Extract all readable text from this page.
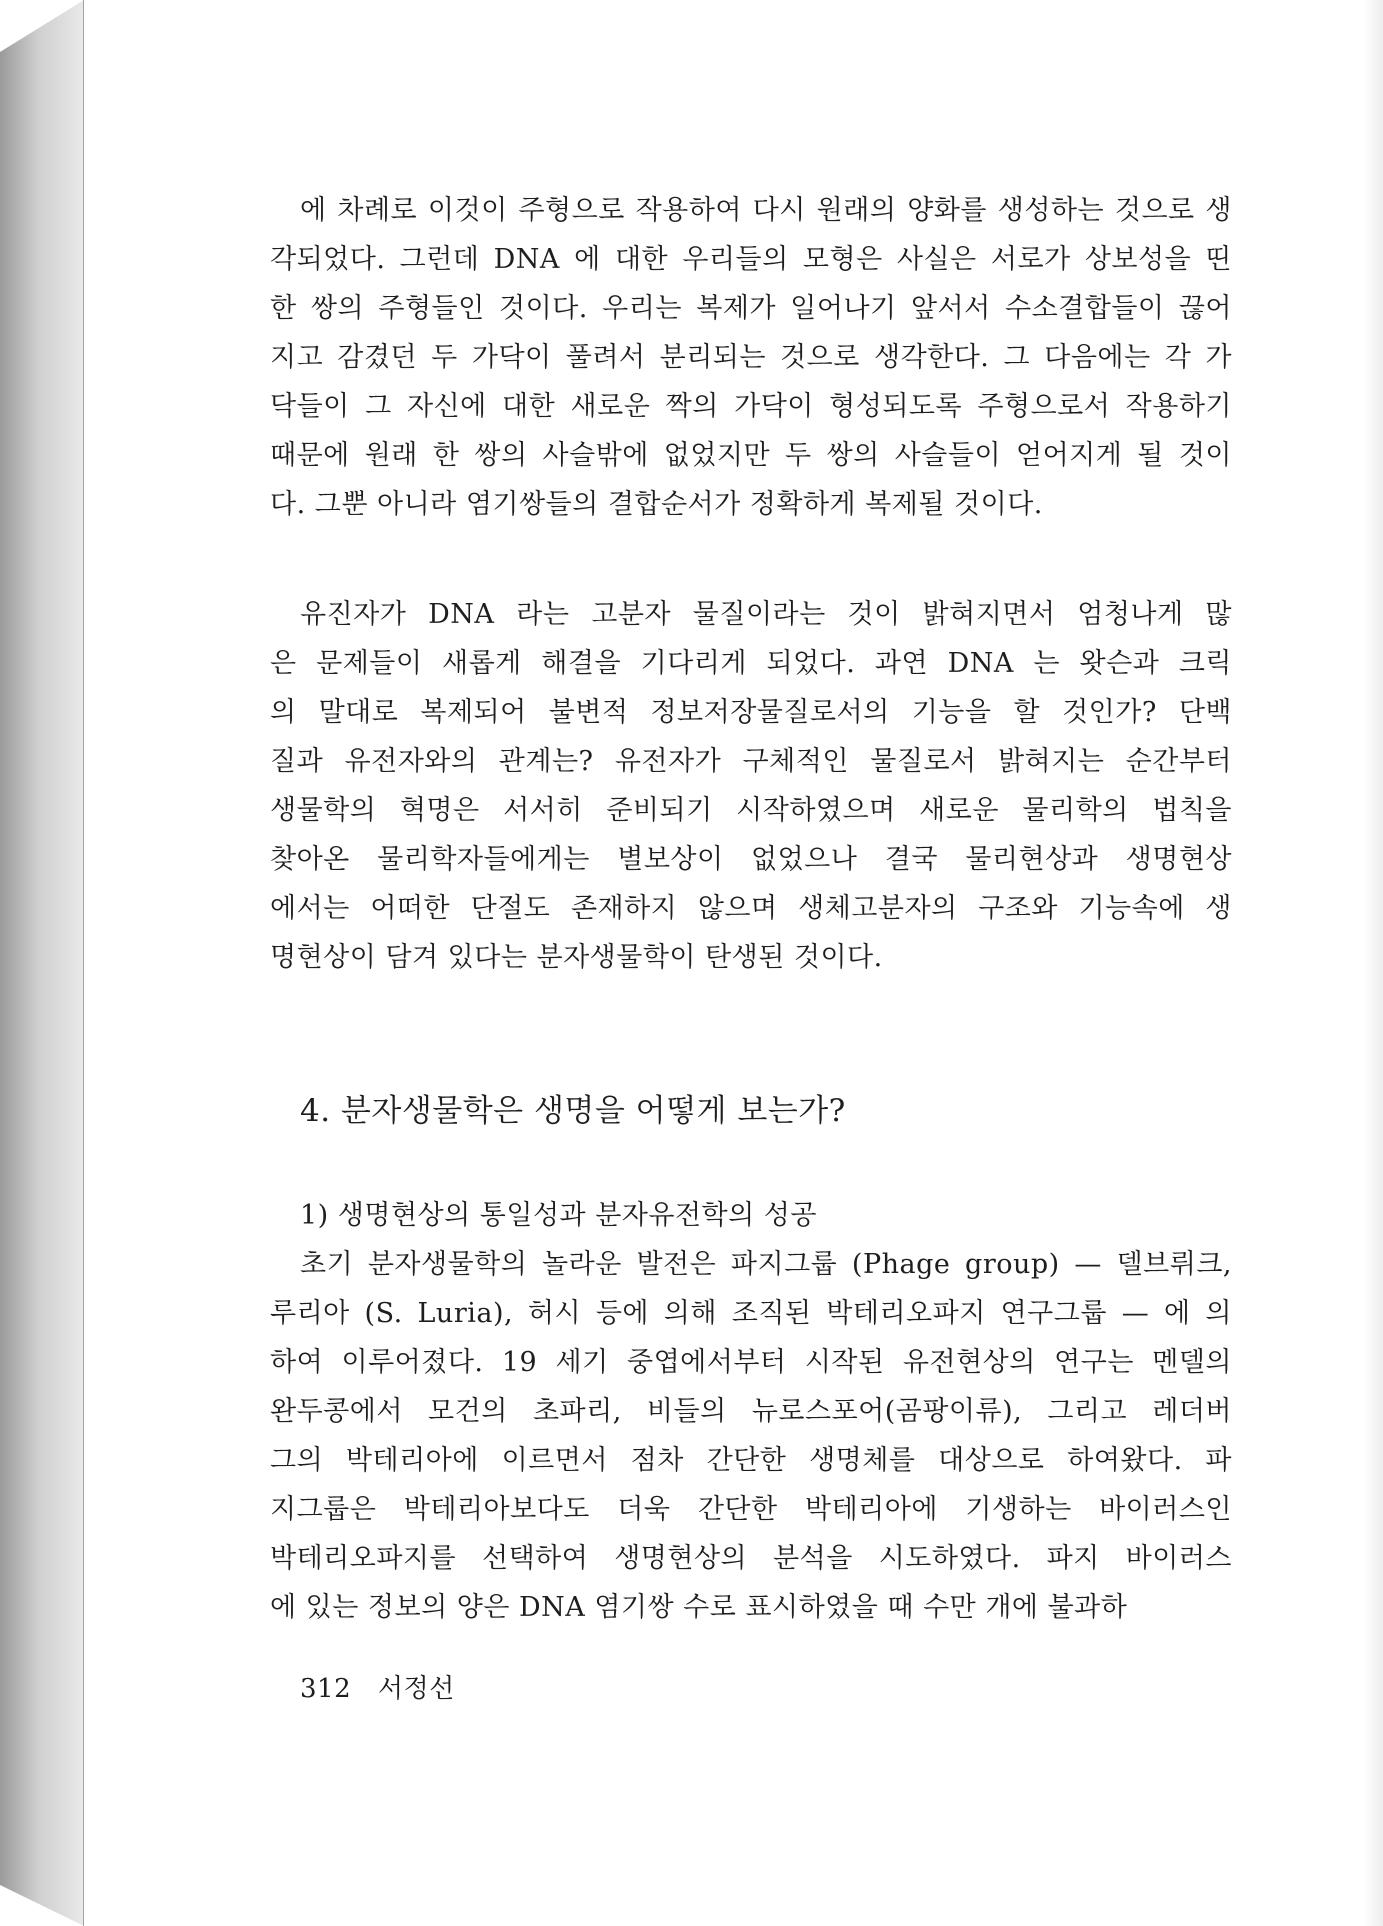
에 차례로 이것이 주형으로 작용하여 다시 원래의 양화를 생성하는 것으로 생
각되었다. 그런데 DNA 에 대한 우리들의 모형은 사실은 서로가 상보성을 띤
한 쌍의 주형들인 것이다. 우리는 복제가 일어나기 앞서서 수소결합들이 끊어
지고 감겼던 두 가닥이 풀려서 분리되는 것으로 생각한다. 그 다음에는 각 가
닥들이 그 자신에 대한 새로운 짝의 가닥이 형성되도록 주형으로서 작용하기
때문에 원래 한 쌍의 사슬밖에 없었지만 두 쌍의 사슬들이 얻어지게 될 것이
다. 그뿐 아니라 염기쌍들의 결합순서가 정확하게 복제될 것이다.
유진자가 DNA 라는 고분자 물질이라는 것이 밝혀지면서 엄청나게 많
은 문제들이 새롭게 해결을 기다리게 되었다. 과연 DNA 는 왓슨과 크릭
의 말대로 복제되어 불변적 정보저장물질로서의 기능을 할 것인가? 단백
질과 유전자와의 관계는? 유전자가 구체적인 물질로서 밝혀지는 순간부터
생물학의 혁명은 서서히 준비되기 시작하였으며 새로운 물리학의 법칙을
찾아온 물리학자들에게는 별보상이 없었으나 결국 물리현상과 생명현상
에서는 어떠한 단절도 존재하지 않으며 생체고분자의 구조와 기능속에 생
명현상이 담겨 있다는 분자생물학이 탄생된 것이다.
4. 분자생물학은 생명을 어떻게 보는가?
1) 생명현상의 통일성과 분자유전학의 성공
초기 분자생물학의 놀라운 발전은 파지그룹 (Phage group) — 델브뤼크,
루리아 (S. Luria), 허시 등에 의해 조직된 박테리오파지 연구그룹 — 에 의
하여 이루어졌다. 19 세기 중엽에서부터 시작된 유전현상의 연구는 멘델의
완두콩에서 모건의 초파리, 비들의 뉴로스포어(곰팡이류), 그리고 레더버
그의 박테리아에 이르면서 점차 간단한 생명체를 대상으로 하여왔다. 파
지그룹은 박테리아보다도 더욱 간단한 박테리아에 기생하는 바이러스인
박테리오파지를 선택하여 생명현상의 분석을 시도하였다. 파지 바이러스
에 있는 정보의 양은 DNA 염기쌍 수로 표시하였을 때 수만 개에 불과하
312 서정선
